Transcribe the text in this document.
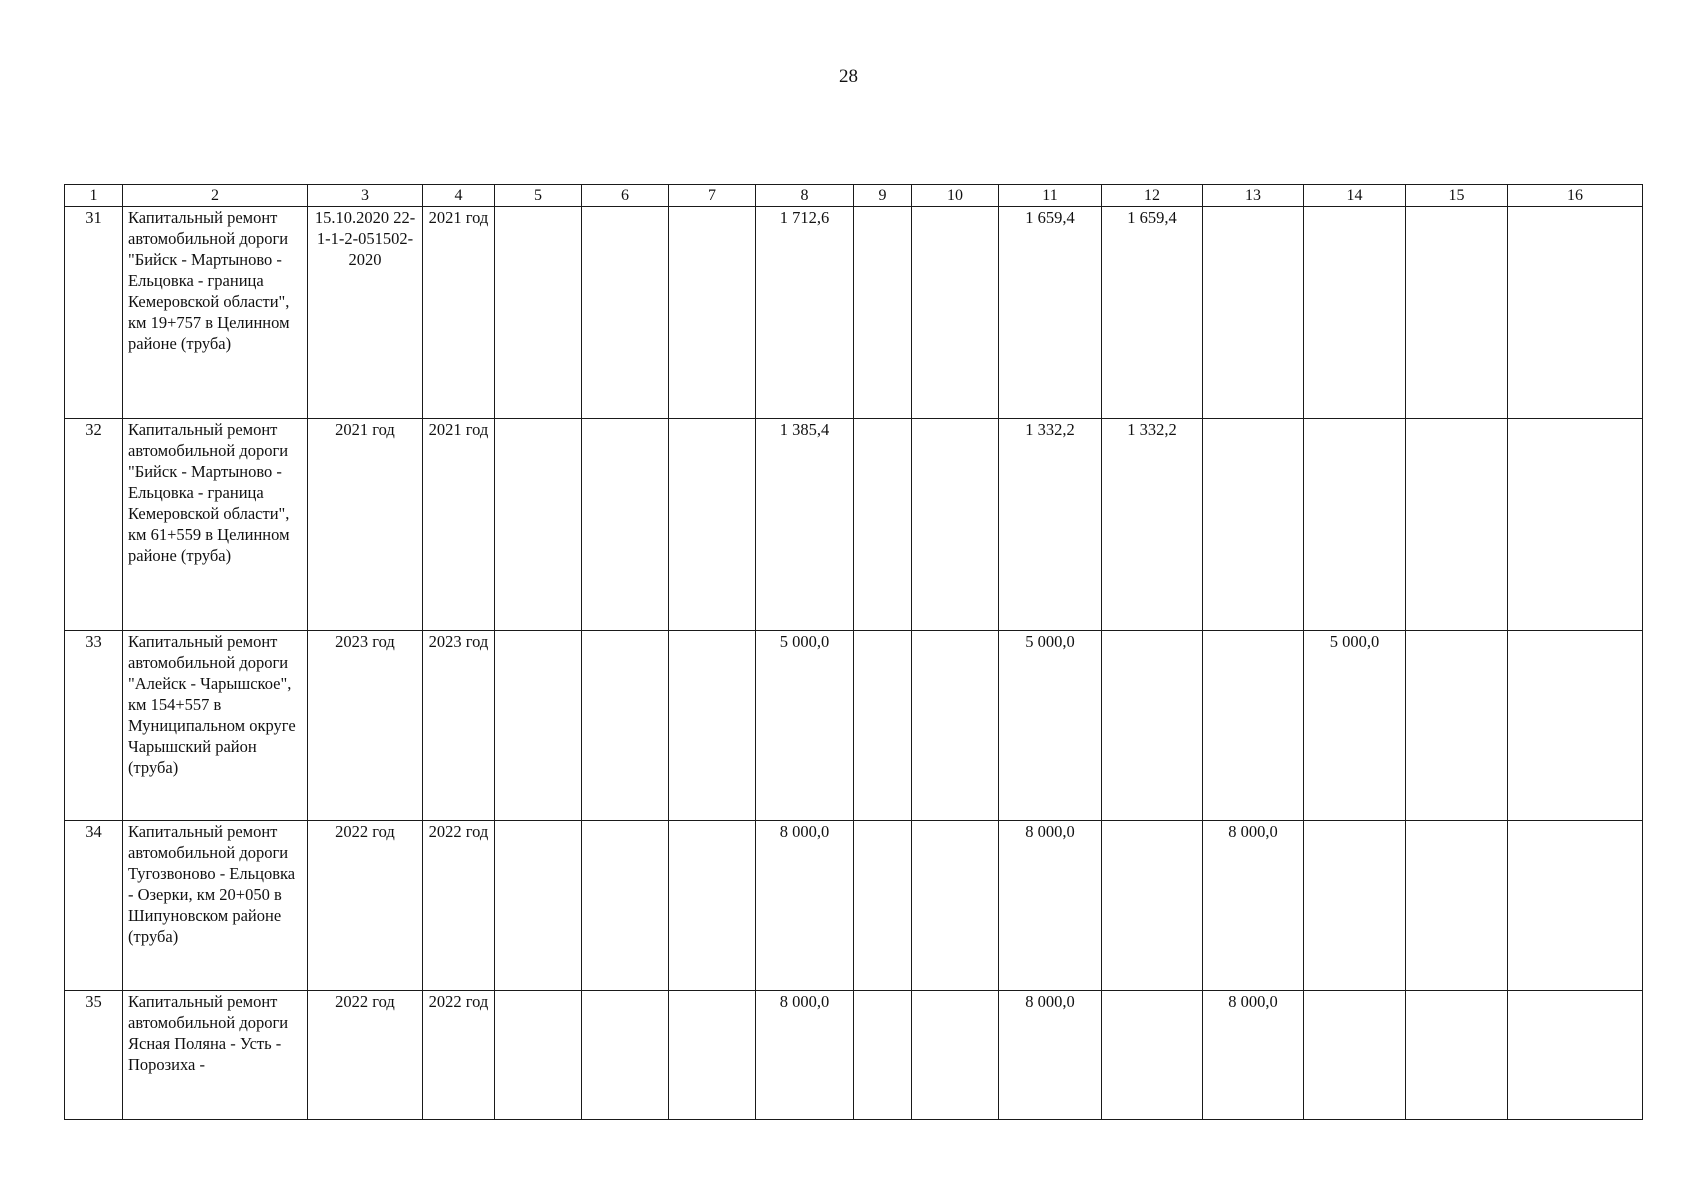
28
1	2	3	4	5	6	7	8	9	10	11	12	13	14	15	16
31	Капитальный ремонт автомобильной дороги "Бийск - Мартыново - Ельцовка - граница Кемеровской области", км 19+757 в Целинном районе (труба)	15.10.2020 22-1-1-2-051502-2020	2021 год				1 712,6			1 659,4	1 659,4				
32	Капитальный ремонт автомобильной дороги "Бийск - Мартыново - Ельцовка - граница Кемеровской области", км 61+559 в Целинном районе (труба)	2021 год	2021 год				1 385,4			1 332,2	1 332,2				
33	Капитальный ремонт автомобильной дороги "Алейск - Чарышское", км 154+557 в Муниципальном округе Чарышский район (труба)	2023 год	2023 год				5 000,0			5 000,0			5 000,0		
34	Капитальный ремонт автомобильной дороги Тугозвоново - Ельцовка - Озерки, км 20+050 в Шипуновском районе (труба)	2022 год	2022 год				8 000,0			8 000,0		8 000,0			
35	Капитальный ремонт автомобильной дороги Ясная Поляна - Усть - Порозиха -	2022 год	2022 год				8 000,0			8 000,0		8 000,0			
